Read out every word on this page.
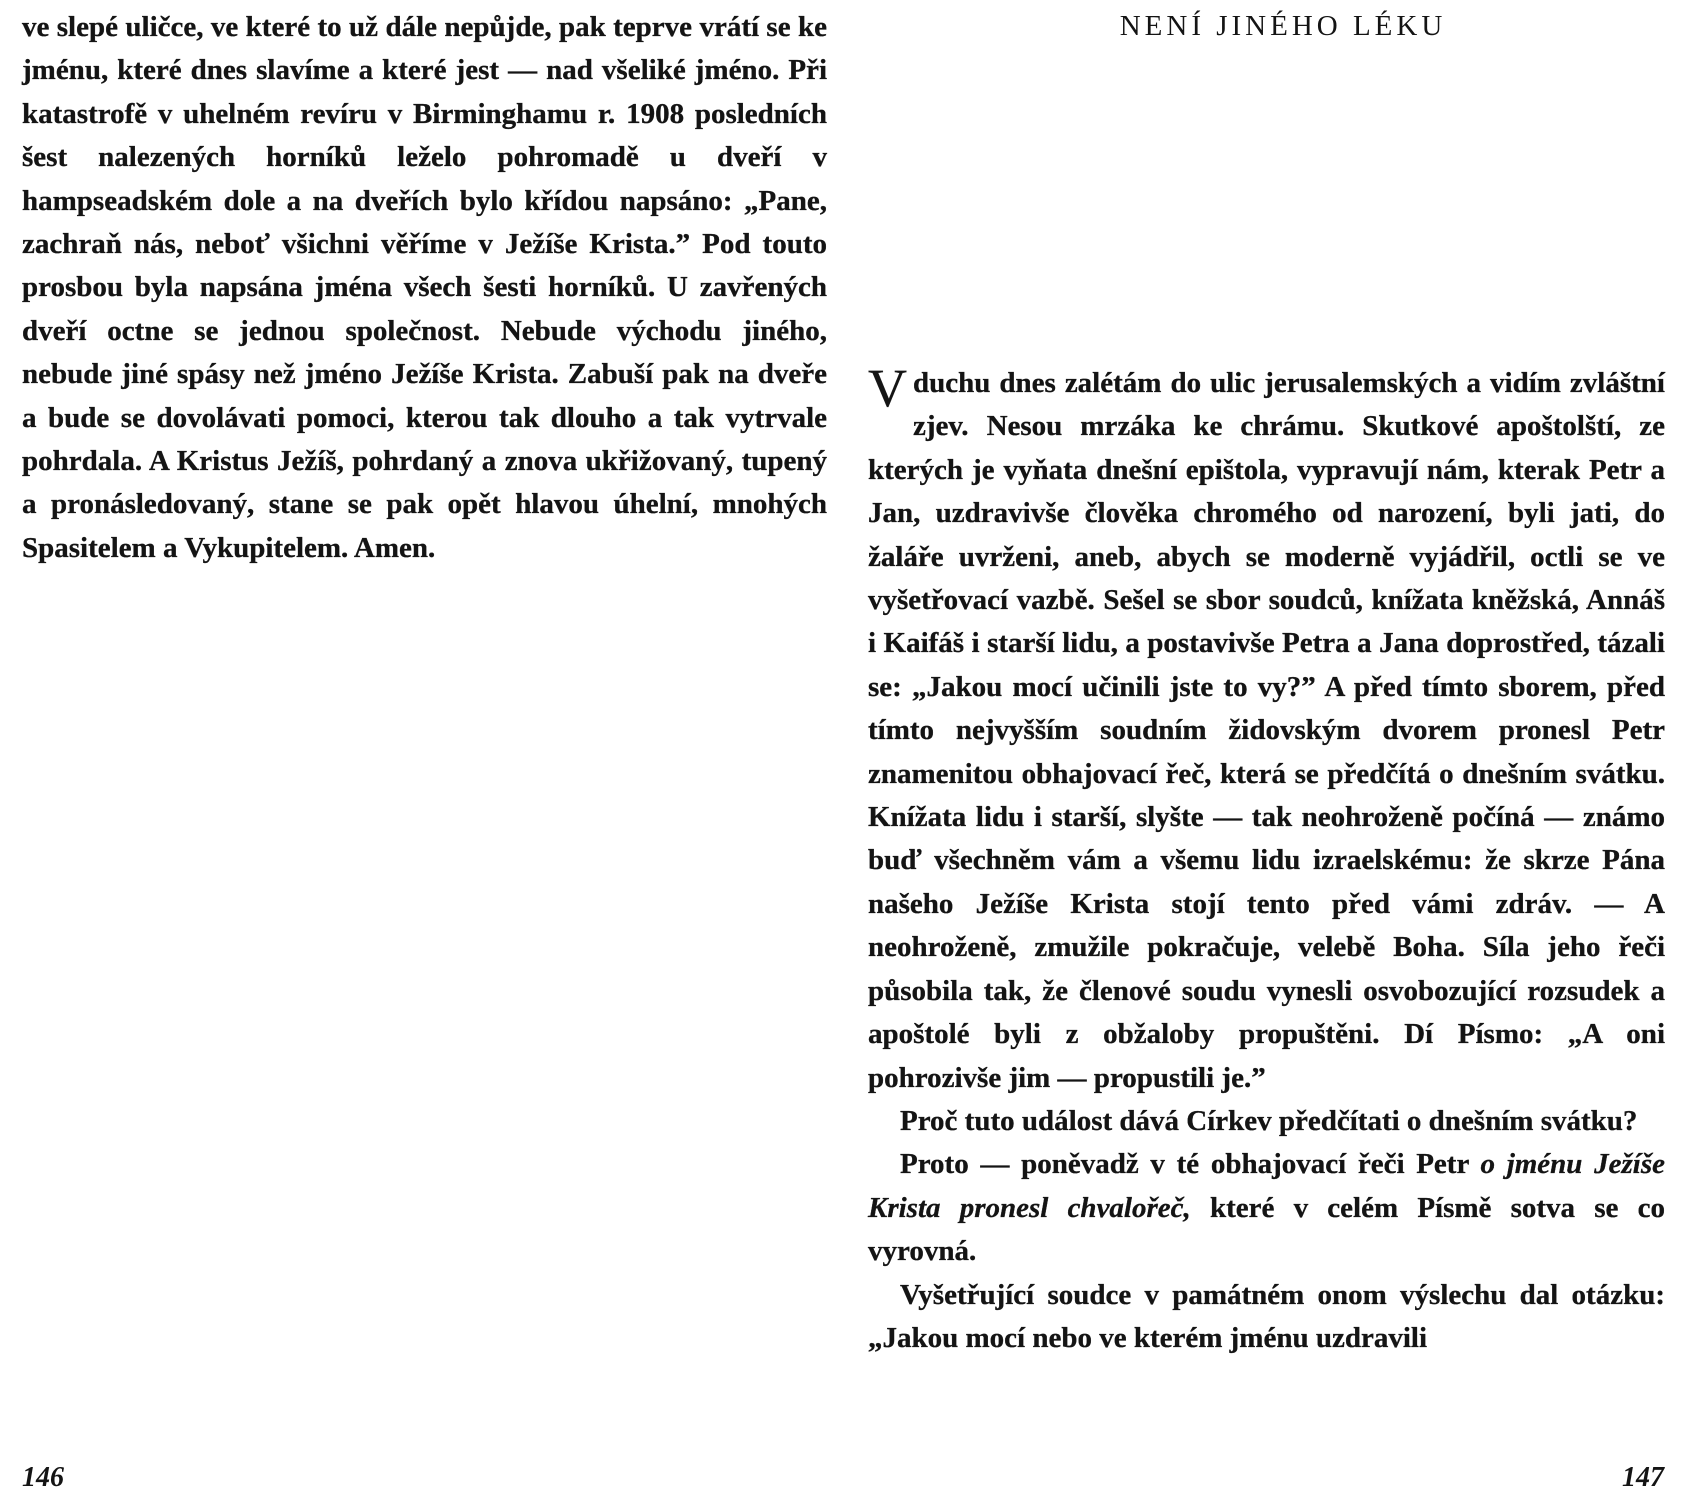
ve slepé uličce, ve které to už dále nepůjde, pak teprve vrátí se ke jménu, které dnes slavíme a které jest — nad všeliké jméno. Při katastrofě v uhelném revíru v Birminghamu r. 1908 posledních šest nalezených horníků leželo pohromadě u dveří v hampseadském dole a na dveřích bylo křídou napsáno: „Pane, zachraň nás, neboť všichni věříme v Ježíše Krista.” Pod touto prosbou byla napsána jména všech šesti horníků. U zavřených dveří octne se jednou společnost. Nebude východu jiného, nebude jiné spásy než jméno Ježíše Krista. Zabuší pak na dveře a bude se dovolávati pomoci, kterou tak dlouho a tak vytrvale pohrdala. A Kristus Ježíš, pohrdaný a znova ukřižovaný, tupený a pronásledovaný, stane se pak opět hlavou úhelní, mnohých Spasitelem a Vykupitelem. Amen.

146
NENÍ JINÉHO LÉKU

V duchu dnes zalétám do ulic jerusalemských a vidím zvláštní zjev. Nesou mrzáka ke chrámu. Skutkové apoštolští, ze kterých je vyňata dnešní epištola, vypravují nám, kterak Petr a Jan, uzdravivše člověka chromého od narození, byli jati, do žaláře uvrženi, aneb, abych se moderně vyjádřil, octli se ve vyšetřovací vazbě. Sešel se sbor soudců, knížata kněžská, Annáš i Kaifáš i starší lidu, a postavivše Petra a Jana doprostřed, tázali se: „Jakou mocí učinili jste to vy?” A před tímto sborem, před tímto nejvyšším soudním židovským dvorem pronesl Petr znamenitou obhajovací řeč, která se předčítá o dnešním svátku. Knížata lidu i starší, slyšte — tak neohroženě počíná — známo buď všechněm vám a všemu lidu izraelskému: že skrze Pána našeho Ježíše Krista stojí tento před vámi zdráv. — A neohroženě, zmužile pokračuje, velebě Boha. Síla jeho řeči působila tak, že členové soudu vynesli osvobozující rozsudek a apoštolé byli z obžaloby propuštěni. Dí Písmo: „A oni pohrozivše jim — propustili je.”

Proč tuto událost dává Církev předčítati o dnešním svátku?

Proto — poněvadž v té obhajovací řeči Petr o jménu Ježíše Krista pronesl chvalořeč, které v celém Písmě sotva se co vyrovná.

Vyšetřující soudce v památném onom výslechu dal otázku: „Jakou mocí nebo ve kterém jménu uzdravili

147
